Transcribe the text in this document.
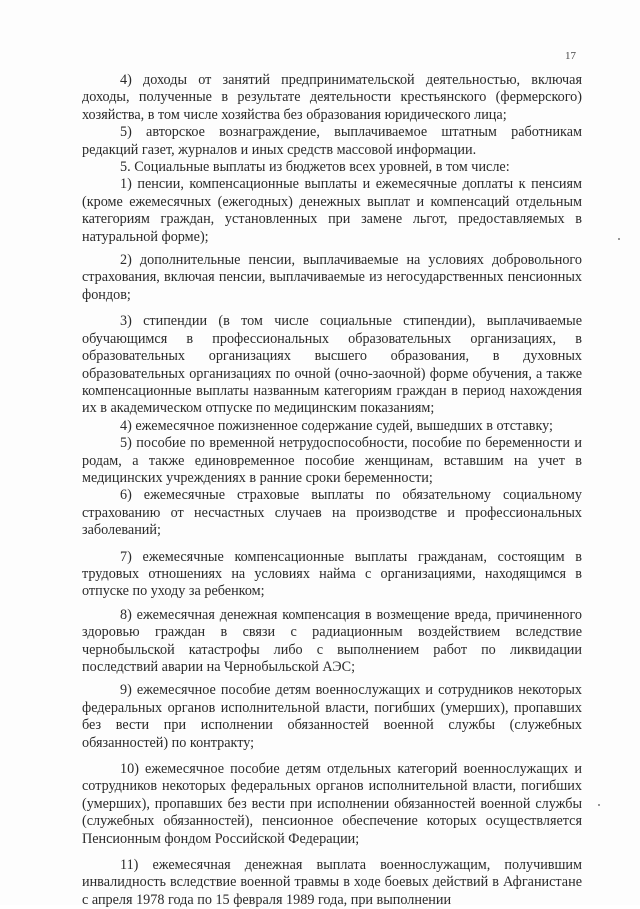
17

4) доходы от занятий предпринимательской деятельностью, включая доходы, полученные в результате деятельности крестьянского (фермерского) хозяйства, в том числе хозяйства без образования юридического лица;

5) авторское вознаграждение, выплачиваемое штатным работникам редакций газет, журналов и иных средств массовой информации.

5. Социальные выплаты из бюджетов всех уровней, в том числе:

1) пенсии, компенсационные выплаты и ежемесячные доплаты к пенсиям (кроме ежемесячных (ежегодных) денежных выплат и компенсаций отдельным категориям граждан, установленных при замене льгот, предоставляемых в натуральной форме);

2) дополнительные пенсии, выплачиваемые на условиях добровольного страхования, включая пенсии, выплачиваемые из негосударственных пенсионных фондов;

3) стипендии (в том числе социальные стипендии), выплачиваемые обучающимся в профессиональных образовательных организациях, в образовательных организациях высшего образования, в духовных образовательных организациях по очной (очно-заочной) форме обучения, а также компенсационные выплаты названным категориям граждан в период нахождения их в академическом отпуске по медицинским показаниям;

4) ежемесячное пожизненное содержание судей, вышедших в отставку;

5) пособие по временной нетрудоспособности, пособие по беременности и родам, а также единовременное пособие женщинам, вставшим на учет в медицинских учреждениях в ранние сроки беременности;

6) ежемесячные страховые выплаты по обязательному социальному страхованию от несчастных случаев на производстве и профессиональных заболеваний;

7) ежемесячные компенсационные выплаты гражданам, состоящим в трудовых отношениях на условиях найма с организациями, находящимся в отпуске по уходу за ребенком;

8) ежемесячная денежная компенсация в возмещение вреда, причиненного здоровью граждан в связи с радиационным воздействием вследствие чернобыльской катастрофы либо с выполнением работ по ликвидации последствий аварии на Чернобыльской АЭС;

9) ежемесячное пособие детям военнослужащих и сотрудников некоторых федеральных органов исполнительной власти, погибших (умерших), пропавших без вести при исполнении обязанностей военной службы (служебных обязанностей) по контракту;

10) ежемесячное пособие детям отдельных категорий военнослужащих и сотрудников некоторых федеральных органов исполнительной власти, погибших (умерших), пропавших без вести при исполнении обязанностей военной службы (служебных обязанностей), пенсионное обеспечение которых осуществляется Пенсионным фондом Российской Федерации;

11) ежемесячная денежная выплата военнослужащим, получившим инвалидность вследствие военной травмы в ходе боевых действий в Афганистане с апреля 1978 года по 15 февраля 1989 года, при выполнении
